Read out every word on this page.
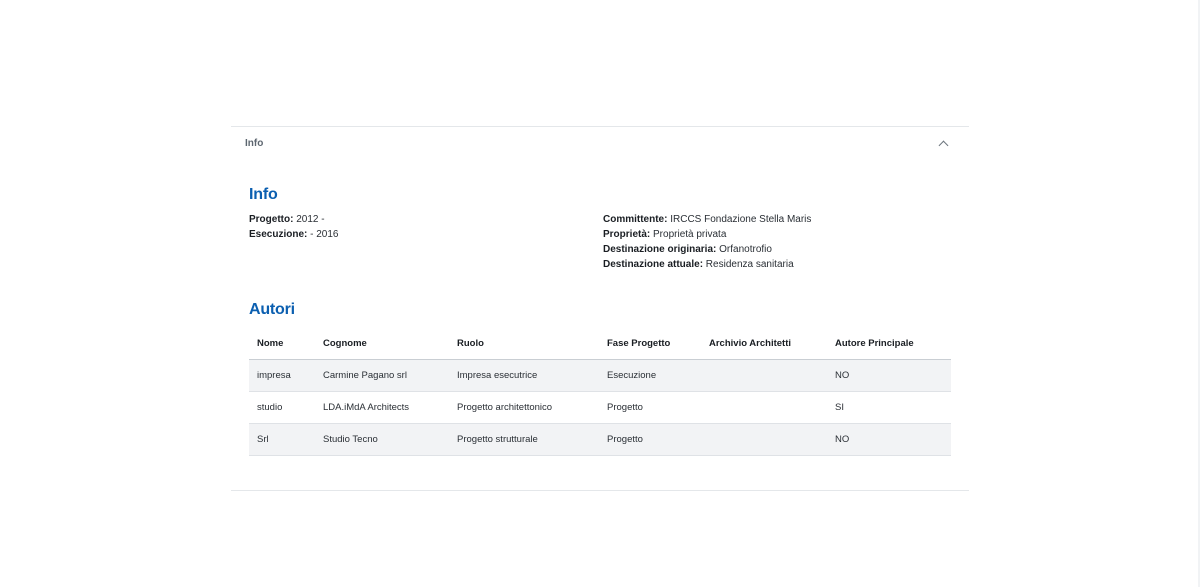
Info
Info
Progetto: 2012 -
Esecuzione: - 2016
Committente: IRCCS Fondazione Stella Maris
Proprietà: Proprietà privata
Destinazione originaria: Orfanotrofio
Destinazione attuale: Residenza sanitaria
Autori
Nome	Cognome	Ruolo	Fase Progetto	Archivio Architetti	Autore Principale
impresa	Carmine Pagano srl	Impresa esecutrice	Esecuzione		NO
studio	LDA.iMdA Architects	Progetto architettonico	Progetto		SI
Srl	Studio Tecno	Progetto strutturale	Progetto		NO
